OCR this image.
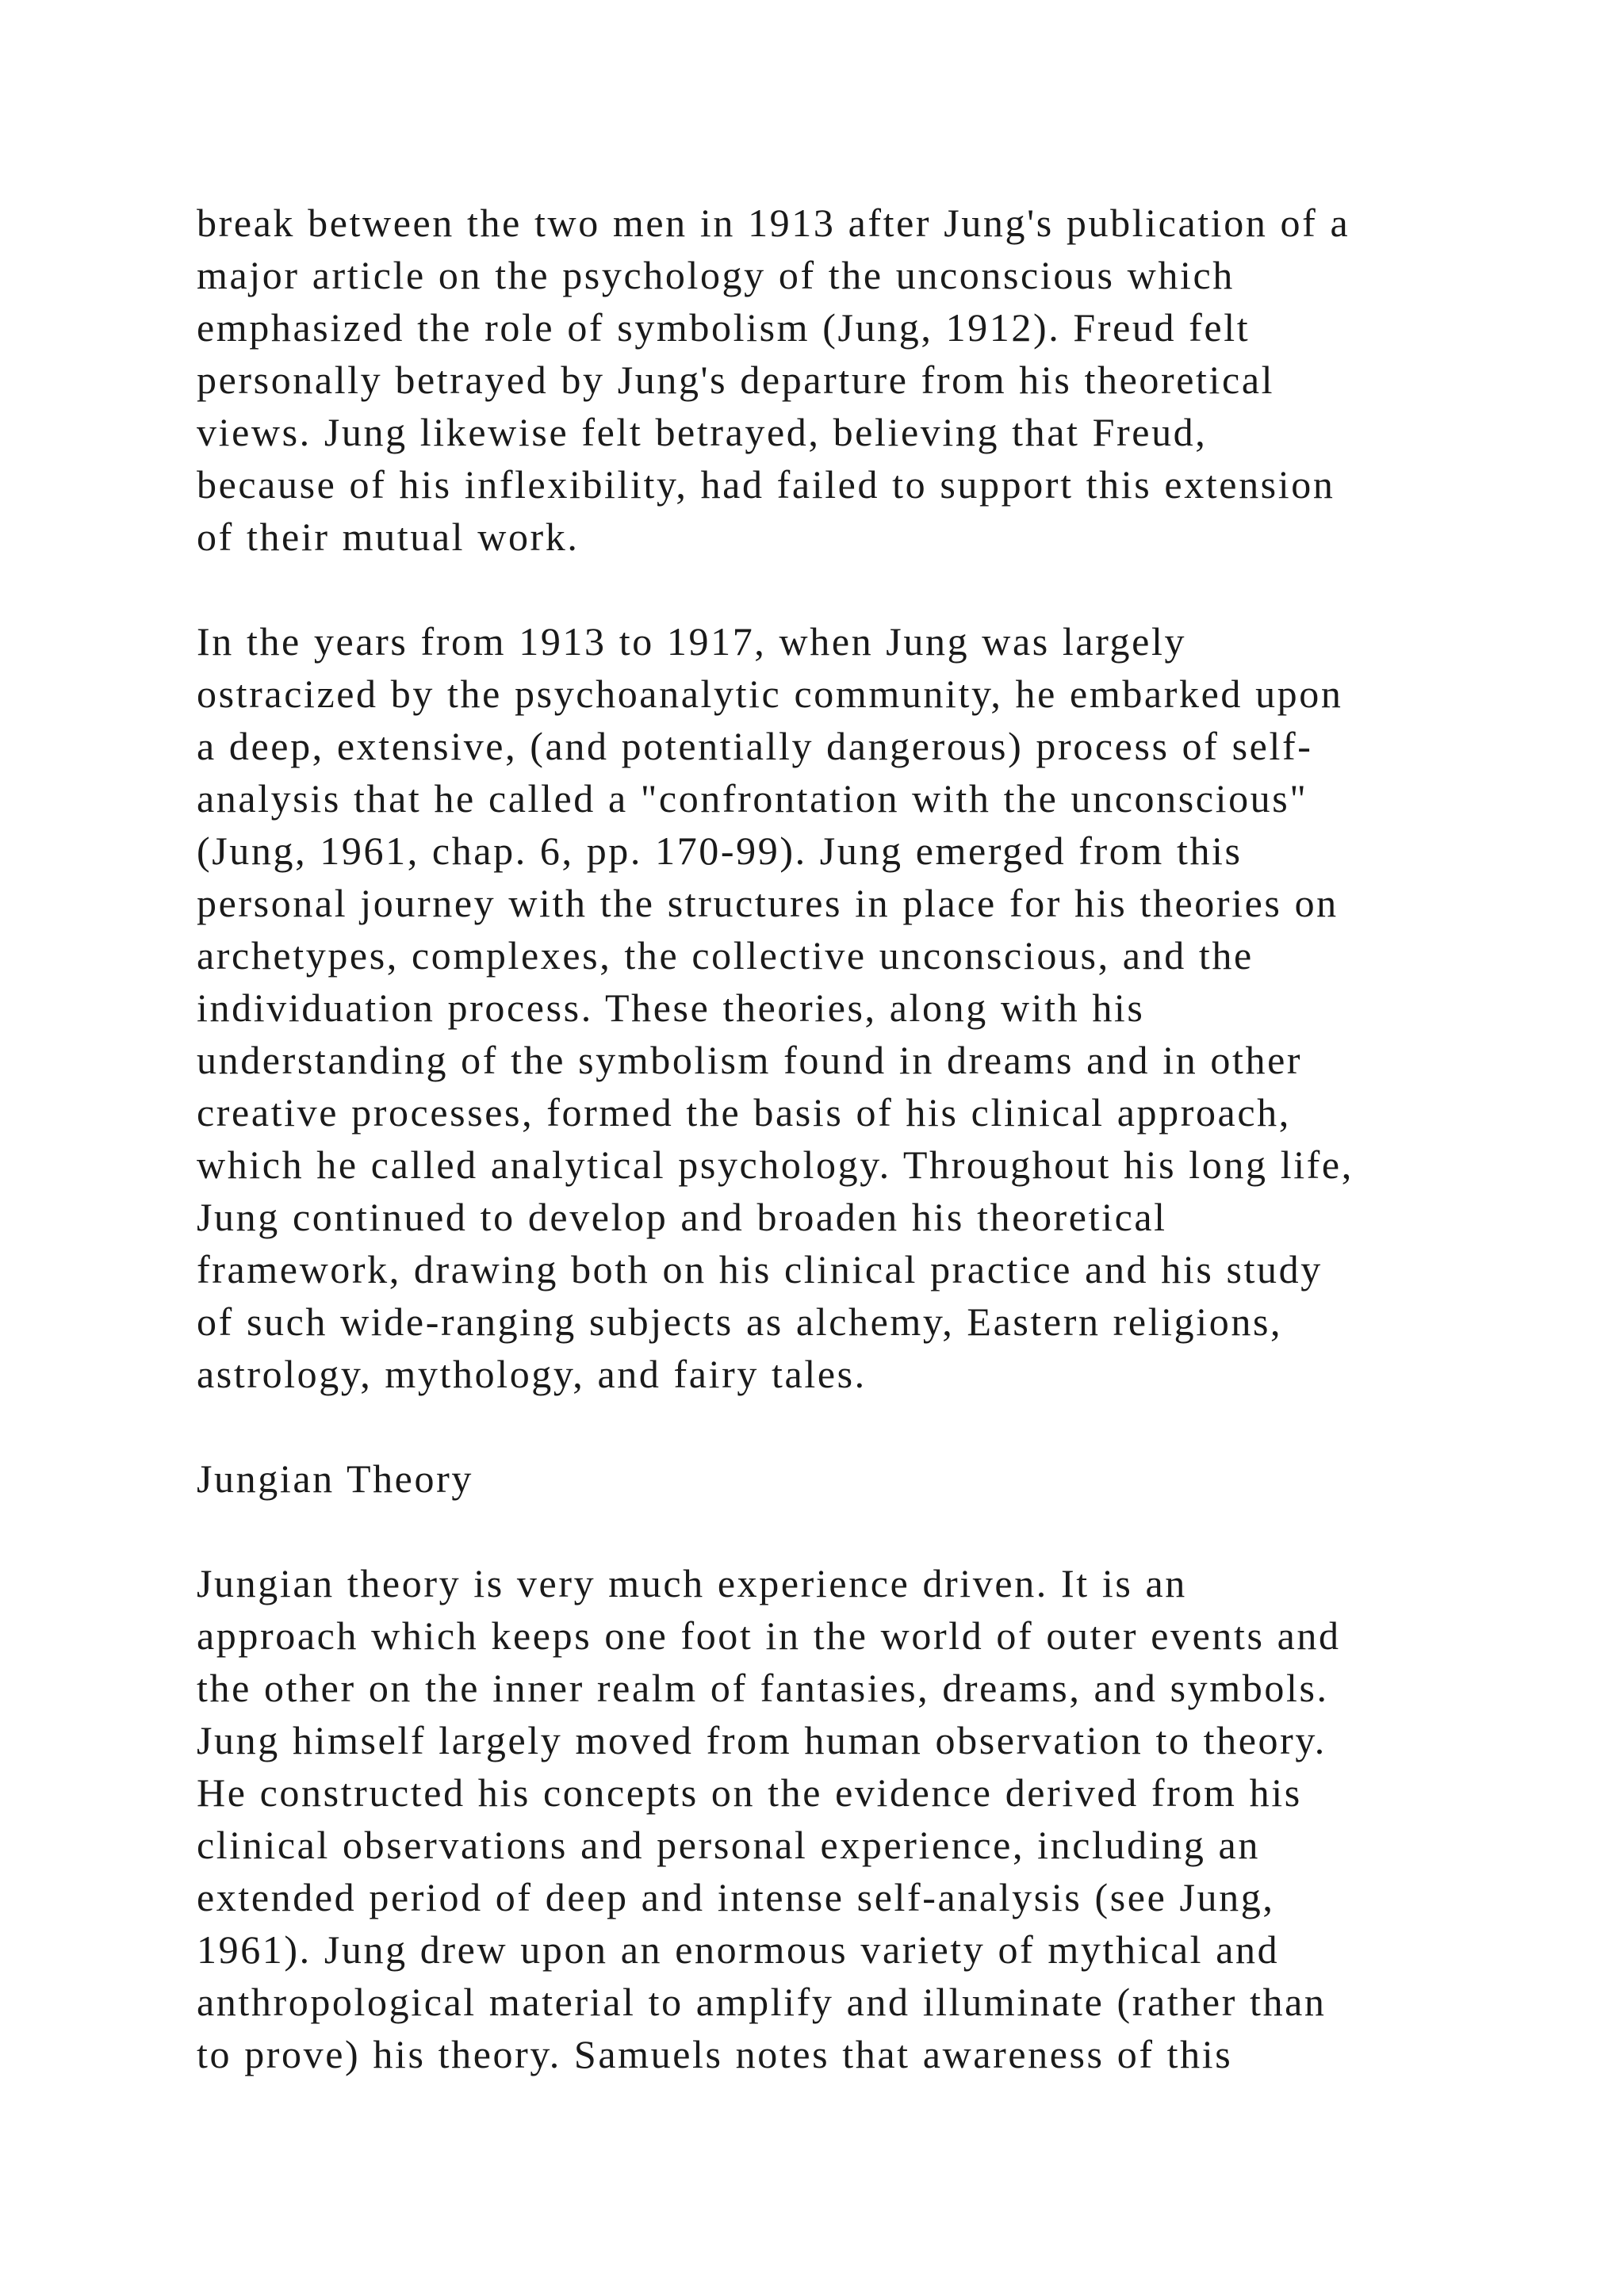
break between the two men in 1913 after Jung's publication of a
major article on the psychology of the unconscious which
emphasized the role of symbolism (Jung, 1912). Freud felt
personally betrayed by Jung's departure from his theoretical
views. Jung likewise felt betrayed, believing that Freud,
because of his inflexibility, had failed to support this extension
of their mutual work.
In the years from 1913 to 1917, when Jung was largely
ostracized by the psychoanalytic community, he embarked upon
a deep, extensive, (and potentially dangerous) process of self-
analysis that he called a "confrontation with the unconscious"
(Jung, 1961, chap. 6, pp. 170-99). Jung emerged from this
personal journey with the structures in place for his theories on
archetypes, complexes, the collective unconscious, and the
individuation process. These theories, along with his
understanding of the symbolism found in dreams and in other
creative processes, formed the basis of his clinical approach,
which he called analytical psychology. Throughout his long life,
Jung continued to develop and broaden his theoretical
framework, drawing both on his clinical practice and his study
of such wide-ranging subjects as alchemy, Eastern religions,
astrology, mythology, and fairy tales.
Jungian Theory
Jungian theory is very much experience driven. It is an
approach which keeps one foot in the world of outer events and
the other on the inner realm of fantasies, dreams, and symbols.
Jung himself largely moved from human observation to theory.
He constructed his concepts on the evidence derived from his
clinical observations and personal experience, including an
extended period of deep and intense self-analysis (see Jung,
1961). Jung drew upon an enormous variety of mythical and
anthropological material to amplify and illuminate (rather than
to prove) his theory. Samuels notes that awareness of this
